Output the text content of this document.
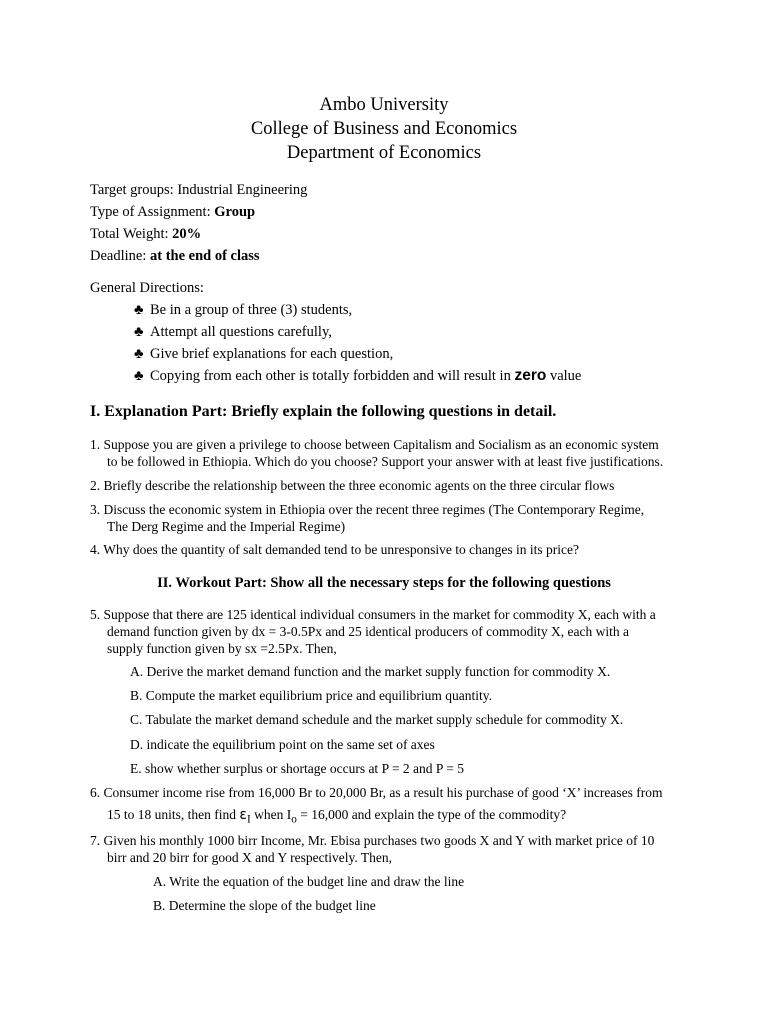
Ambo University
College of Business and Economics
Department of Economics
Target groups: Industrial Engineering
Type of Assignment: Group
Total Weight: 20%
Deadline: at the end of class
General Directions:
♣ Be in a group of three (3) students,
♣ Attempt all questions carefully,
♣ Give brief explanations for each question,
♣ Copying from each other is totally forbidden and will result in zero value
I. Explanation Part: Briefly explain the following questions in detail.
1. Suppose you are given a privilege to choose between Capitalism and Socialism as an economic system
to be followed in Ethiopia. Which do you choose? Support your answer with at least five justifications.
2. Briefly describe the relationship between the three economic agents on the three circular flows
3. Discuss the economic system in Ethiopia over the recent three regimes (The Contemporary Regime,
The Derg Regime and the Imperial Regime)
4. Why does the quantity of salt demanded tend to be unresponsive to changes in its price?
II. Workout Part: Show all the necessary steps for the following questions
5. Suppose that there are 125 identical individual consumers in the market for commodity X, each with a
demand function given by dx = 3-0.5Px and 25 identical producers of commodity X, each with a
supply function given by sx =2.5Px. Then,
A. Derive the market demand function and the market supply function for commodity X.
B. Compute the market equilibrium price and equilibrium quantity.
C. Tabulate the market demand schedule and the market supply schedule for commodity X.
D. indicate the equilibrium point on the same set of axes
E. show whether surplus or shortage occurs at P = 2 and P = 5
6. Consumer income rise from 16,000 Br to 20,000 Br, as a result his purchase of good ‘X’ increases from
15 to 18 units, then find $\varepsilon_I$ when $I_o = 16,000$ and explain the type of the commodity?
7. Given his monthly 1000 birr Income, Mr. Ebisa purchases two goods X and Y with market price of 10
birr and 20 birr for good X and Y respectively. Then,
A. Write the equation of the budget line and draw the line
B. Determine the slope of the budget line
